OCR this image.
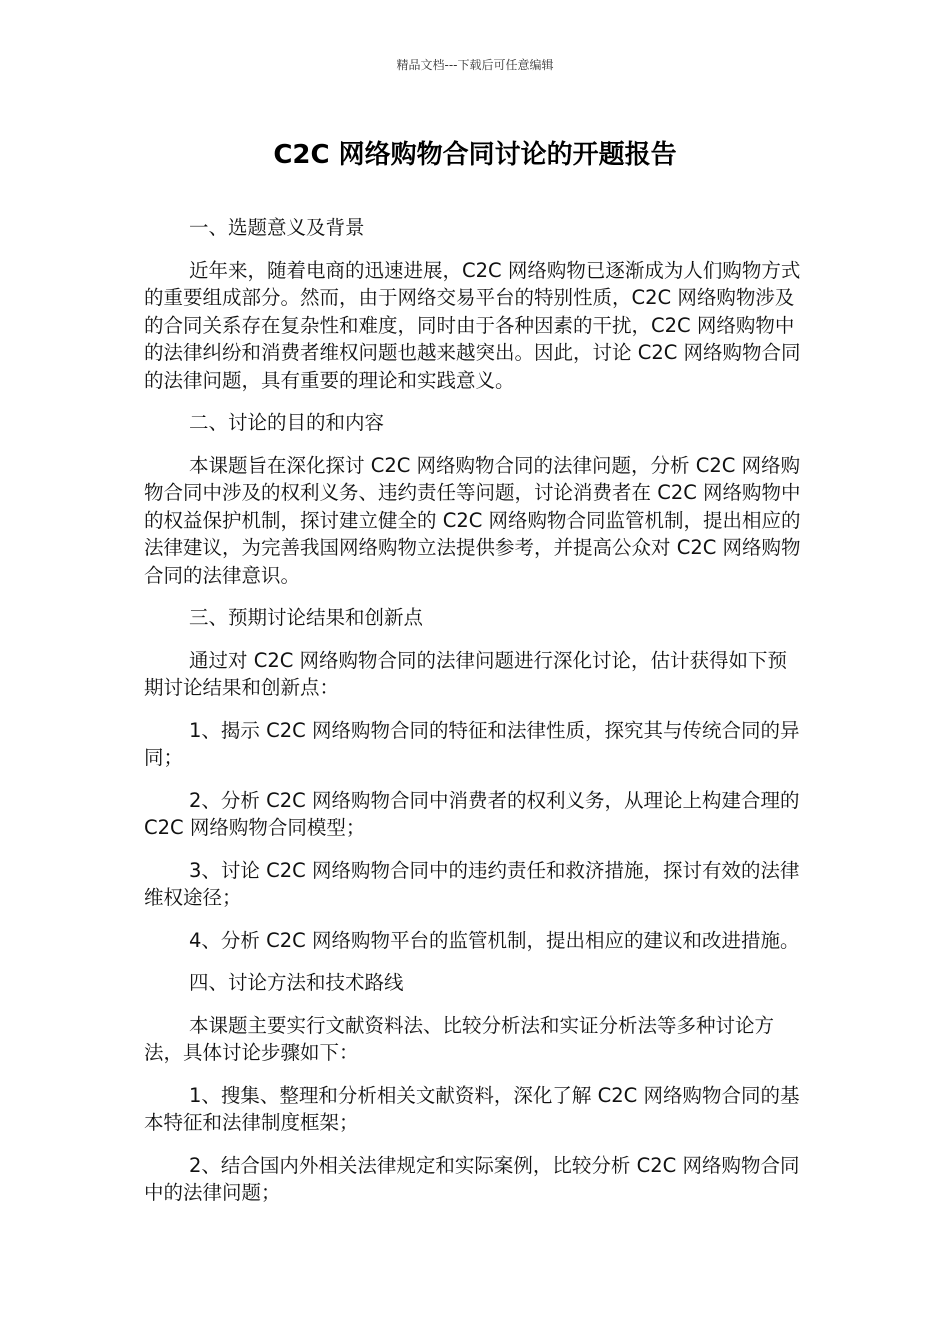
精品文档---下载后可任意编辑
C2C 网络购物合同讨论的开题报告

一、选题意义及背景

近年来，随着电商的迅速进展，C2C 网络购物已逐渐成为人们购物方式的重要组成部分。然而，由于网络交易平台的特别性质，C2C 网络购物涉及的合同关系存在复杂性和难度，同时由于各种因素的干扰，C2C 网络购物中的法律纠纷和消费者维权问题也越来越突出。因此，讨论 C2C 网络购物合同的法律问题，具有重要的理论和实践意义。

二、讨论的目的和内容

本课题旨在深化探讨 C2C 网络购物合同的法律问题，分析 C2C 网络购物合同中涉及的权利义务、违约责任等问题，讨论消费者在 C2C 网络购物中的权益保护机制，探讨建立健全的 C2C 网络购物合同监管机制，提出相应的法律建议，为完善我国网络购物立法提供参考，并提高公众对 C2C 网络购物合同的法律意识。

三、预期讨论结果和创新点

通过对 C2C 网络购物合同的法律问题进行深化讨论，估计获得如下预期讨论结果和创新点：

1、揭示 C2C 网络购物合同的特征和法律性质，探究其与传统合同的异同；

2、分析 C2C 网络购物合同中消费者的权利义务，从理论上构建合理的 C2C 网络购物合同模型；

3、讨论 C2C 网络购物合同中的违约责任和救济措施，探讨有效的法律维权途径；

4、分析 C2C 网络购物平台的监管机制，提出相应的建议和改进措施。

四、讨论方法和技术路线

本课题主要实行文献资料法、比较分析法和实证分析法等多种讨论方法，具体讨论步骤如下：

1、搜集、整理和分析相关文献资料，深化了解 C2C 网络购物合同的基本特征和法律制度框架；

2、结合国内外相关法律规定和实际案例，比较分析 C2C 网络购物合同中的法律问题；
